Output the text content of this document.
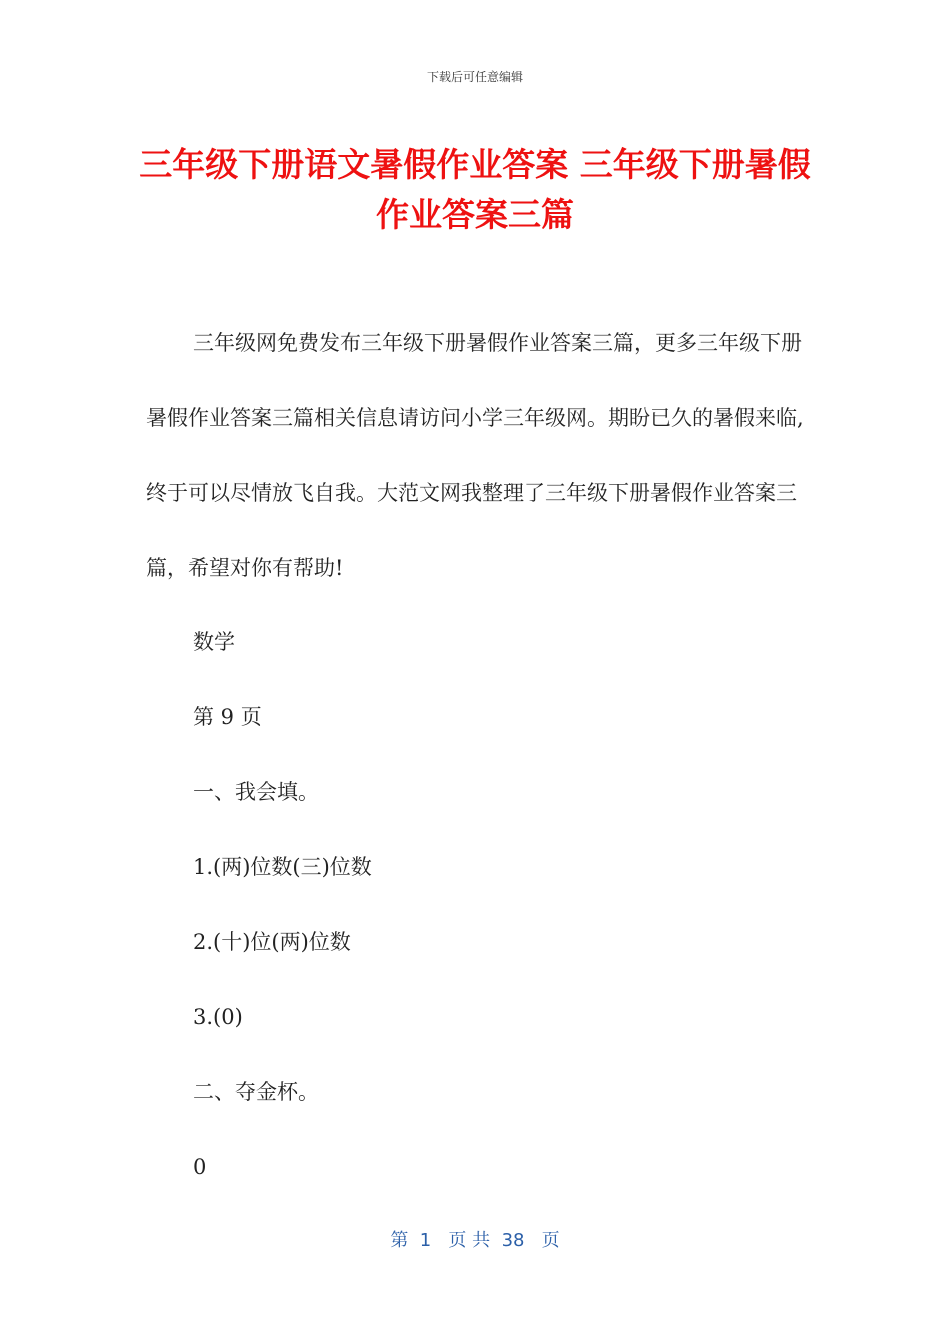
下载后可任意编辑
三年级下册语文暑假作业答案 三年级下册暑假作业答案三篇

三年级网免费发布三年级下册暑假作业答案三篇，更多三年级下册暑假作业答案三篇相关信息请访问小学三年级网。期盼已久的暑假来临,终于可以尽情放飞自我。大范文网我整理了三年级下册暑假作业答案三篇，希望对你有帮助!

数学

第 9 页

一、我会填。

1.(两)位数(三)位数

2.(十)位(两)位数

3.(0)

二、夺金杯。

0

第  1   页 共  38   页
